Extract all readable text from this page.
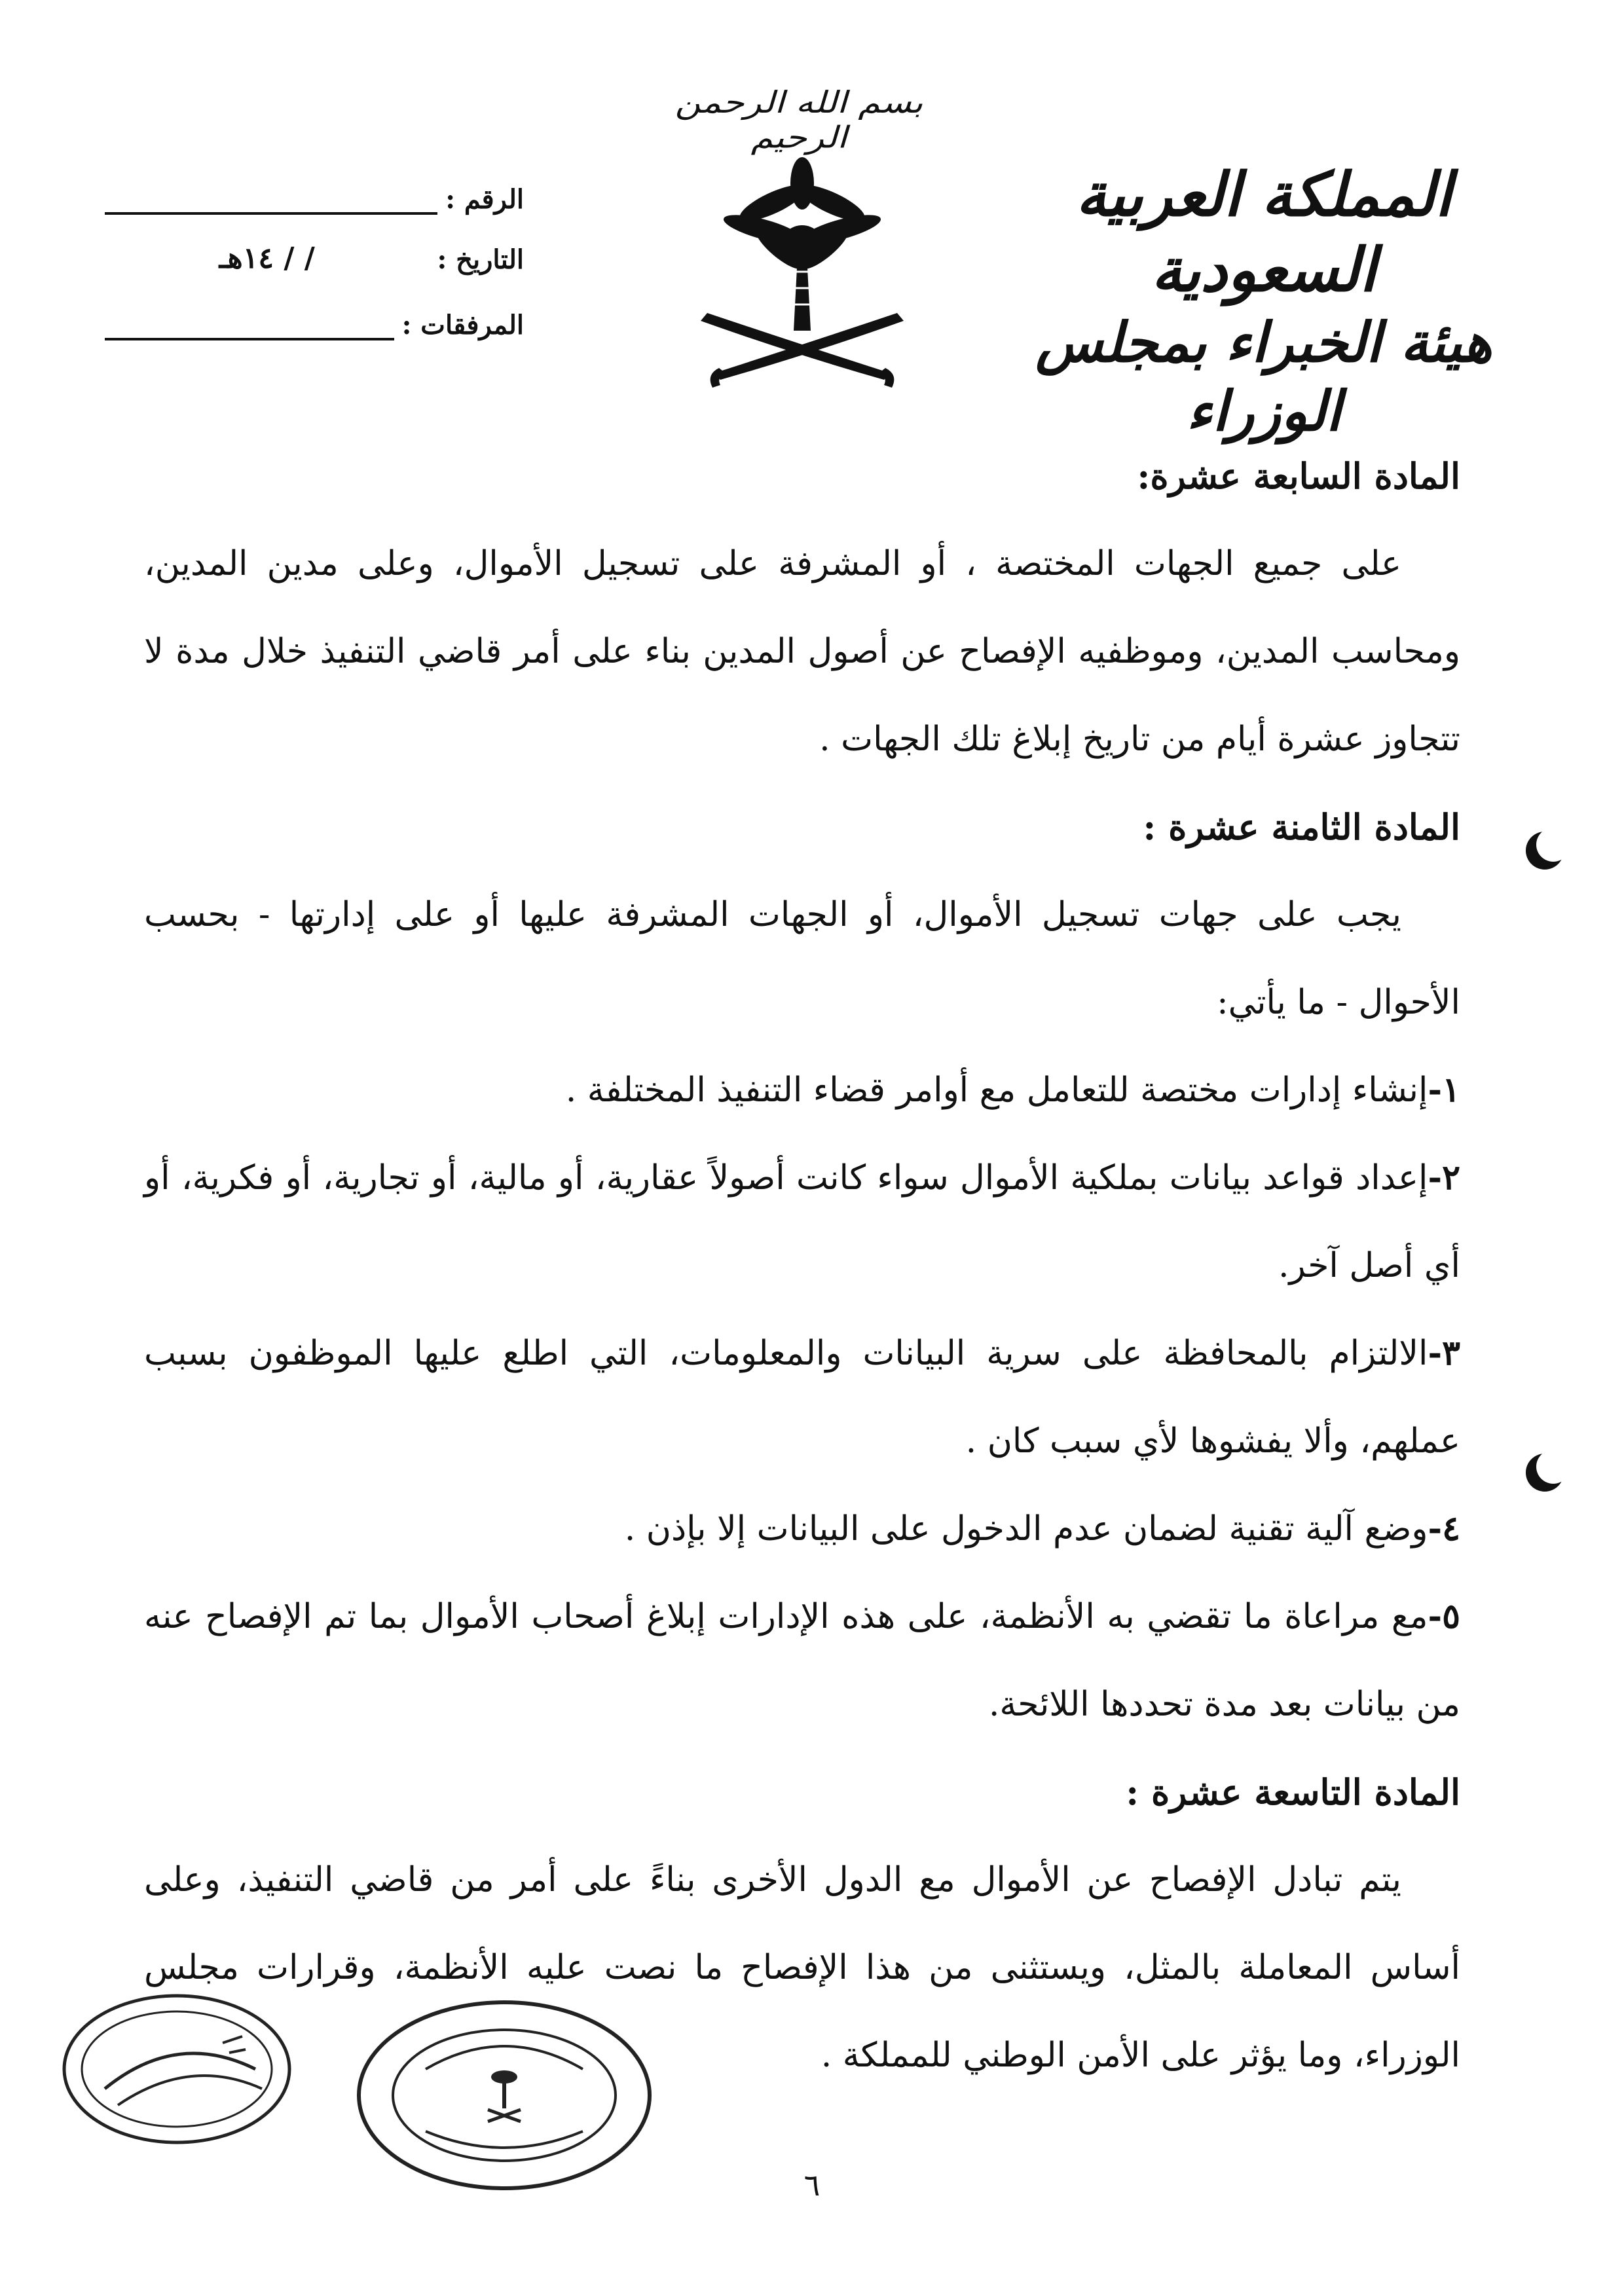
بسم الله الرحمن الرحيم
المملكة العربية السعودية
هيئة الخبراء بمجلس الوزراء
الرقم :
التاريخ :
/ / ١٤هـ
المرفقات :
المادة السابعة عشرة:

على جميع الجهات المختصة ، أو المشرفة على تسجيل الأموال، وعلى مدين المدين، ومحاسب المدين، وموظفيه الإفصاح عن أصول المدين بناء على أمر قاضي التنفيذ خلال مدة لا تتجاوز عشرة أيام من تاريخ إبلاغ تلك الجهات .

المادة الثامنة عشرة :

يجب على جهات تسجيل الأموال، أو الجهات المشرفة عليها أو على إدارتها - بحسب الأحوال - ما يأتي:

١-إنشاء إدارات مختصة للتعامل مع أوامر قضاء التنفيذ المختلفة .

٢-إعداد قواعد بيانات بملكية الأموال سواء كانت أصولاً عقارية، أو مالية، أو تجارية، أو فكرية، أو أي أصل آخر.

٣-الالتزام بالمحافظة على سرية البيانات والمعلومات، التي اطلع عليها الموظفون بسبب عملهم، وألا يفشوها لأي سبب كان .

٤-وضع آلية تقنية لضمان عدم الدخول على البيانات إلا بإذن .

٥-مع مراعاة ما تقضي به الأنظمة، على هذه الإدارات إبلاغ أصحاب الأموال بما تم الإفصاح عنه من بيانات بعد مدة تحددها اللائحة.

المادة التاسعة عشرة :

يتم تبادل الإفصاح عن الأموال مع الدول الأخرى بناءً على أمر من قاضي التنفيذ، وعلى أساس المعاملة بالمثل، ويستثنى من هذا الإفصاح ما نصت عليه الأنظمة، وقرارات مجلس الوزراء، وما يؤثر على الأمن الوطني للمملكة .

٦
